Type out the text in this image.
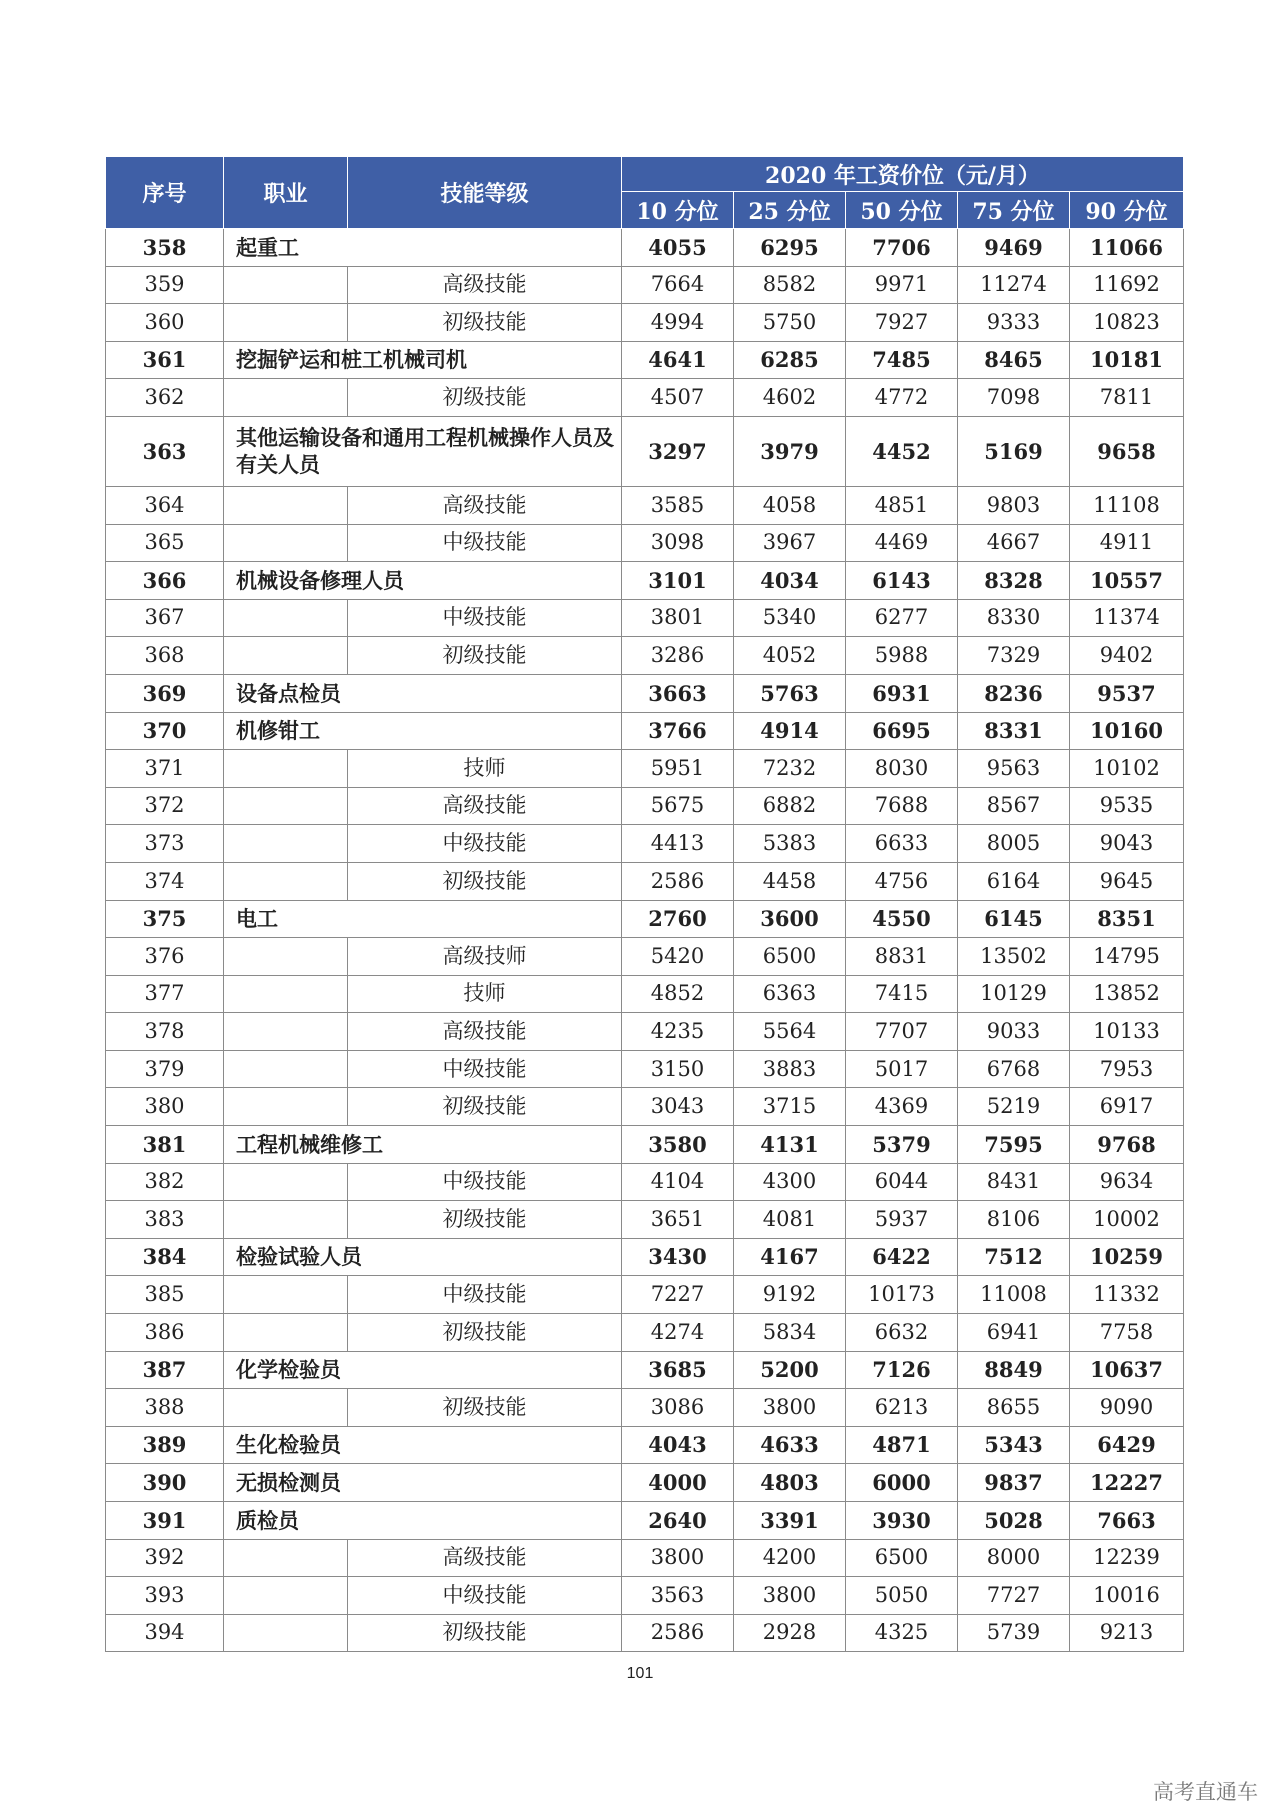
序号	职业	技能等级	2020 年工资价位（元/月）				
			10 分位	25 分位	50 分位	75 分位	90 分位
358	起重工		4055	6295	7706	9469	11066
359		高级技能	7664	8582	9971	11274	11692
360		初级技能	4994	5750	7927	9333	10823
361	挖掘铲运和桩工机械司机		4641	6285	7485	8465	10181
362		初级技能	4507	4602	4772	7098	7811
363	其他运输设备和通用工程机械操作人员及有关人员		3297	3979	4452	5169	9658
364		高级技能	3585	4058	4851	9803	11108
365		中级技能	3098	3967	4469	4667	4911
366	机械设备修理人员		3101	4034	6143	8328	10557
367		中级技能	3801	5340	6277	8330	11374
368		初级技能	3286	4052	5988	7329	9402
369	设备点检员		3663	5763	6931	8236	9537
370	机修钳工		3766	4914	6695	8331	10160
371		技师	5951	7232	8030	9563	10102
372		高级技能	5675	6882	7688	8567	9535
373		中级技能	4413	5383	6633	8005	9043
374		初级技能	2586	4458	4756	6164	9645
375	电工		2760	3600	4550	6145	8351
376		高级技师	5420	6500	8831	13502	14795
377		技师	4852	6363	7415	10129	13852
378		高级技能	4235	5564	7707	9033	10133
379		中级技能	3150	3883	5017	6768	7953
380		初级技能	3043	3715	4369	5219	6917
381	工程机械维修工		3580	4131	5379	7595	9768
382		中级技能	4104	4300	6044	8431	9634
383		初级技能	3651	4081	5937	8106	10002
384	检验试验人员		3430	4167	6422	7512	10259
385		中级技能	7227	9192	10173	11008	11332
386		初级技能	4274	5834	6632	6941	7758
387	化学检验员		3685	5200	7126	8849	10637
388		初级技能	3086	3800	6213	8655	9090
389	生化检验员		4043	4633	4871	5343	6429
390	无损检测员		4000	4803	6000	9837	12227
391	质检员		2640	3391	3930	5028	7663
392		高级技能	3800	4200	6500	8000	12239
393		中级技能	3563	3800	5050	7727	10016
394		初级技能	2586	2928	4325	5739	9213
101
高考直通车
